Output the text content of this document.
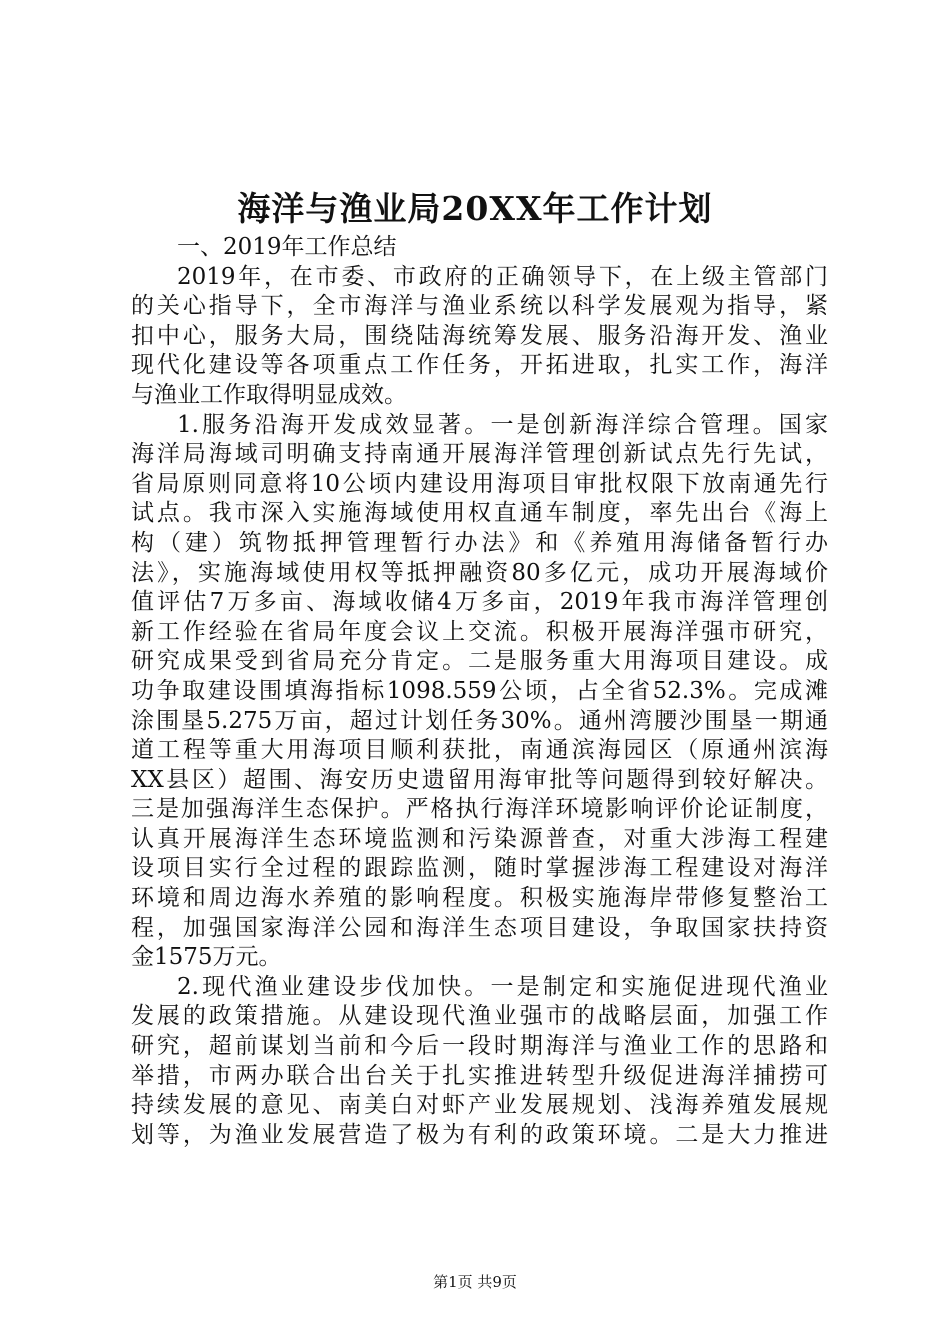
海洋与渔业局20XX年工作计划
一、2019年工作总结
2019年，在市委、市政府的正确领导下，在上级主管部门
的关心指导下，全市海洋与渔业系统以科学发展观为指导，紧
扣中心，服务大局，围绕陆海统筹发展、服务沿海开发、渔业
现代化建设等各项重点工作任务，开拓进取，扎实工作，海洋
与渔业工作取得明显成效。
1.服务沿海开发成效显著。一是创新海洋综合管理。国家
海洋局海域司明确支持南通开展海洋管理创新试点先行先试，
省局原则同意将10公顷内建设用海项目审批权限下放南通先行
试点。我市深入实施海域使用权直通车制度，率先出台《海上
构（建）筑物抵押管理暂行办法》和《养殖用海储备暂行办
法》，实施海域使用权等抵押融资80多亿元，成功开展海域价
值评估7万多亩、海域收储4万多亩，2019年我市海洋管理创
新工作经验在省局年度会议上交流。积极开展海洋强市研究，
研究成果受到省局充分肯定。二是服务重大用海项目建设。成
功争取建设围填海指标1098.559公顷，占全省52.3%。完成滩
涂围垦5.275万亩，超过计划任务30%。通州湾腰沙围垦一期通
道工程等重大用海项目顺利获批，南通滨海园区（原通州滨海
XX县区）超围、海安历史遗留用海审批等问题得到较好解决。
三是加强海洋生态保护。严格执行海洋环境影响评价论证制度，
认真开展海洋生态环境监测和污染源普查，对重大涉海工程建
设项目实行全过程的跟踪监测，随时掌握涉海工程建设对海洋
环境和周边海水养殖的影响程度。积极实施海岸带修复整治工
程，加强国家海洋公园和海洋生态项目建设，争取国家扶持资
金1575万元。
2.现代渔业建设步伐加快。一是制定和实施促进现代渔业
发展的政策措施。从建设现代渔业强市的战略层面，加强工作
研究，超前谋划当前和今后一段时期海洋与渔业工作的思路和
举措，市两办联合出台关于扎实推进转型升级促进海洋捕捞可
持续发展的意见、南美白对虾产业发展规划、浅海养殖发展规
划等，为渔业发展营造了极为有利的政策环境。二是大力推进
第1页 共9页
